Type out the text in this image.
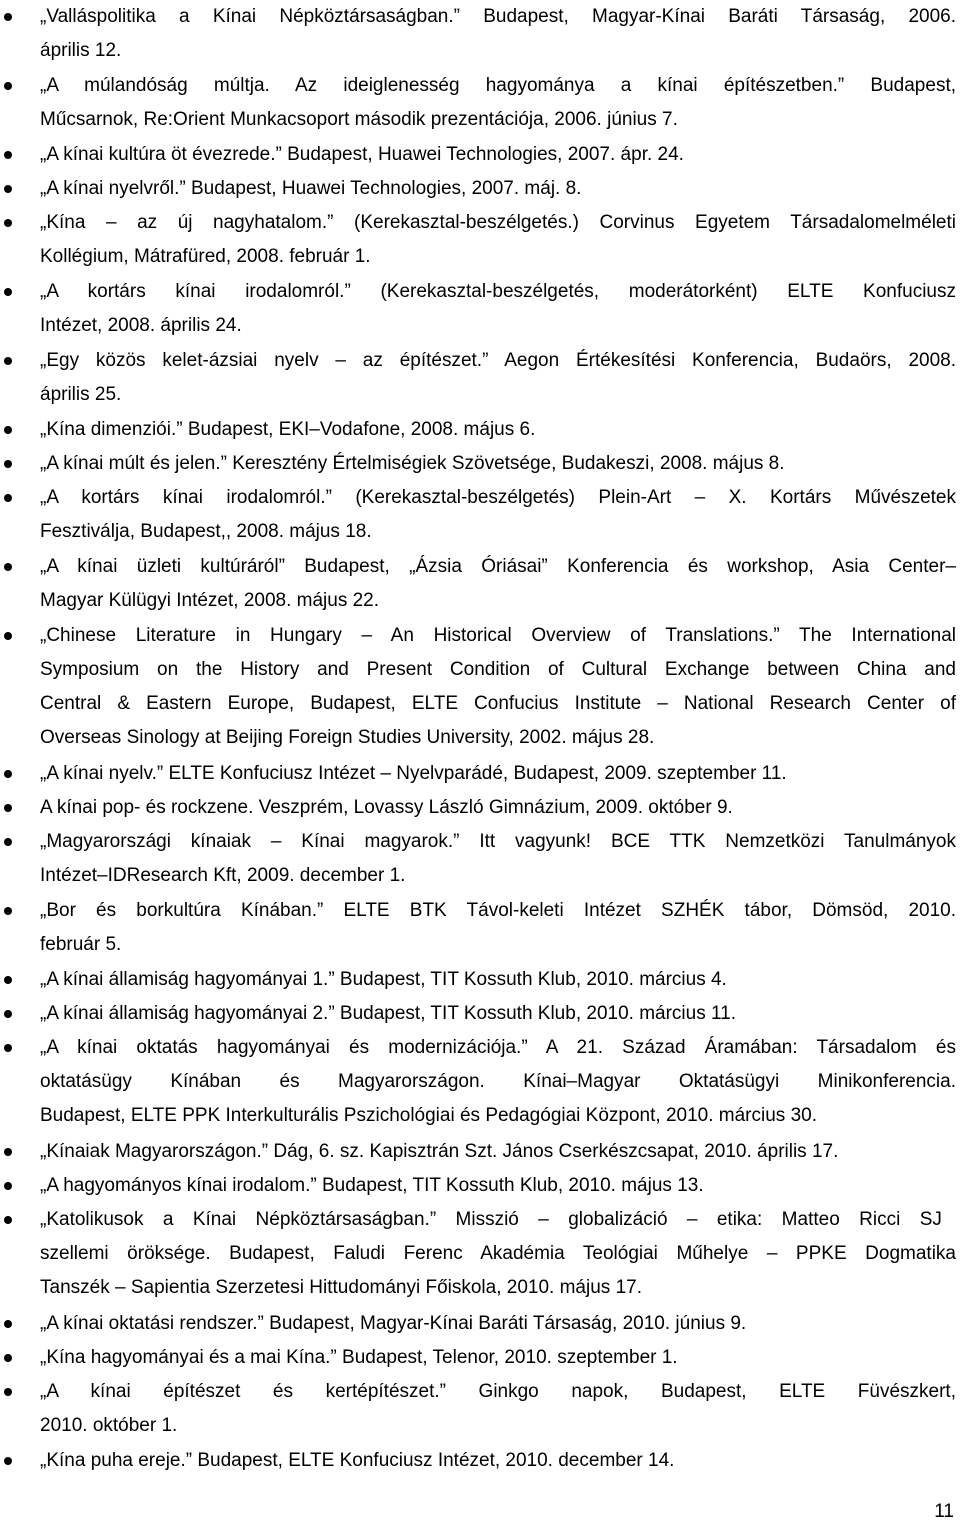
„Valláspolitika a Kínai Népköztársaságban.” Budapest, Magyar-Kínai Baráti Társaság, 2006.
április 12.
„A múlandóság múltja. Az ideiglenesség hagyománya a kínai építészetben.” Budapest,
Műcsarnok, Re:Orient Munkacsoport második prezentációja, 2006. június 7.
„A kínai kultúra öt évezrede.” Budapest, Huawei Technologies, 2007. ápr. 24.
„A kínai nyelvről.” Budapest, Huawei Technologies, 2007. máj. 8.
„Kína – az új nagyhatalom.” (Kerekasztal-beszélgetés.) Corvinus Egyetem Társadalomelméleti
Kollégium, Mátrafüred, 2008. február 1.
„A kortárs kínai irodalomról.” (Kerekasztal-beszélgetés, moderátorként) ELTE Konfuciusz
Intézet, 2008. április 24.
„Egy közös kelet-ázsiai nyelv – az építészet.” Aegon Értékesítési Konferencia, Budaörs, 2008.
április 25.
„Kína dimenziói.” Budapest, EKI–Vodafone, 2008. május 6.
„A kínai múlt és jelen.” Keresztény Értelmiségiek Szövetsége, Budakeszi, 2008. május 8.
„A kortárs kínai irodalomról.” (Kerekasztal-beszélgetés) Plein-Art – X. Kortárs Művészetek
Fesztiválja, Budapest,, 2008. május 18.
„A kínai üzleti kultúráról” Budapest, „Ázsia Óriásai” Konferencia és workshop, Asia Center–
Magyar Külügyi Intézet, 2008. május 22.
„Chinese Literature in Hungary – An Historical Overview of Translations.” The International
Symposium on the History and Present Condition of Cultural Exchange between China and
Central & Eastern Europe, Budapest, ELTE Confucius Institute – National Research Center of
Overseas Sinology at Beijing Foreign Studies University, 2002. május 28.
„A kínai nyelv.” ELTE Konfuciusz Intézet – Nyelvparádé, Budapest, 2009. szeptember 11.
A kínai pop- és rockzene. Veszprém, Lovassy László Gimnázium, 2009. október 9.
„Magyarországi kínaiak – Kínai magyarok.” Itt vagyunk! BCE TTK Nemzetközi Tanulmányok
Intézet–IDResearch Kft, 2009. december 1.
„Bor és borkultúra Kínában.” ELTE BTK Távol-keleti Intézet SZHÉK tábor, Dömsöd, 2010.
február 5.
„A kínai államiság hagyományai 1.” Budapest, TIT Kossuth Klub, 2010. március 4.
„A kínai államiság hagyományai 2.” Budapest, TIT Kossuth Klub, 2010. március 11.
„A kínai oktatás hagyományai és modernizációja.” A 21. Század Áramában: Társadalom és
oktatásügy Kínában és Magyarországon. Kínai–Magyar Oktatásügyi Minikonferencia.
Budapest, ELTE PPK Interkulturális Pszichológiai és Pedagógiai Központ, 2010. március 30.
„Kínaiak Magyarországon.” Dág, 6. sz. Kapisztrán Szt. János Cserkészcsapat, 2010. április 17.
„A hagyományos kínai irodalom.” Budapest, TIT Kossuth Klub, 2010. május 13.
„Katolikusok a Kínai Népköztársaságban.” Misszió – globalizáció – etika: Matteo Ricci SJ
szellemi öröksége. Budapest, Faludi Ferenc Akadémia Teológiai Műhelye – PPKE Dogmatika
Tanszék – Sapientia Szerzetesi Hittudományi Főiskola, 2010. május 17.
„A kínai oktatási rendszer.” Budapest, Magyar-Kínai Baráti Társaság, 2010. június 9.
„Kína hagyományai és a mai Kína.” Budapest, Telenor, 2010. szeptember 1.
„A kínai építészet és kertépítészet.” Ginkgo napok, Budapest, ELTE Füvészkert,
2010. október 1.
„Kína puha ereje.” Budapest, ELTE Konfuciusz Intézet, 2010. december 14.
11
